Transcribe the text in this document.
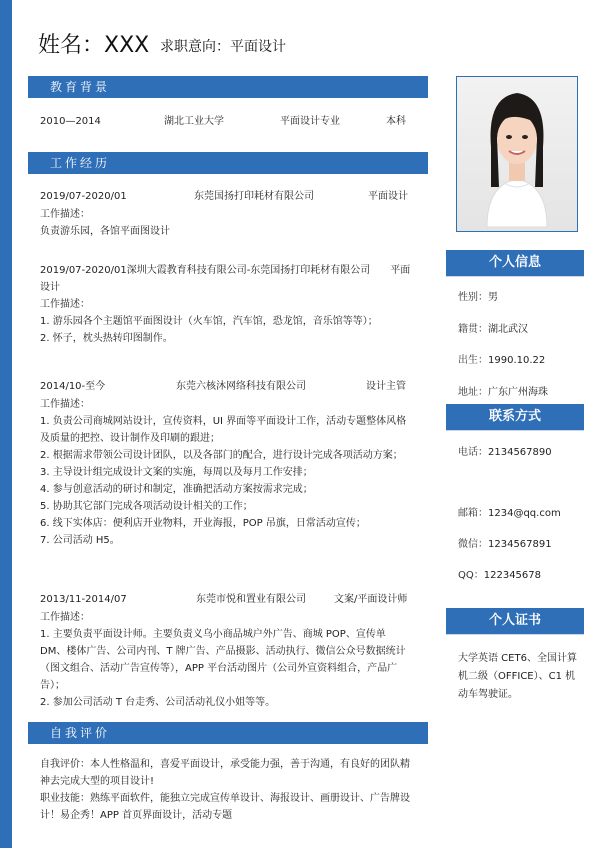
姓名：XXX 求职意向：平面设计
教育背景
2010—2014	湖北工业大学	平面设计专业	本科
工作经历
2019/07-2020/01	东莞国扬打印耗材有限公司	平面设计
工作描述：
负责游乐园，各馆平面图设计
2019/07-2020/01深圳大霞教育科技有限公司-东莞国扬打印耗材有限公司　　平面设计
工作描述：
1. 游乐园各个主题馆平面图设计（火车馆，汽车馆，恐龙馆，音乐馆等等）；
2. 怀子，枕头热转印图制作。
2014/10-至今	东莞六核沐网络科技有限公司	设计主管
工作描述：
1. 负责公司商城网站设计，宣传资料，UI 界面等平面设计工作，活动专题整体风格及质量的把控、设计制作及印刷的跟进；
2. 根据需求带领公司设计团队，以及各部门的配合，进行设计完成各项活动方案；
3. 主导设计组完成设计文案的实施，每周以及每月工作安排；
4. 参与创意活动的研讨和制定，准确把活动方案按需求完成；
5. 协助其它部门完成各项活动设计相关的工作；
6. 线下实体店：便利店开业物料，开业海报，POP 吊旗，日常活动宣传；
7. 公司活动 H5。
2013/11-2014/07	东莞市悦和置业有限公司	文案/平面设计师
工作描述：
1. 主要负责平面设计师。主要负责义乌小商品城户外广告、商城 POP、宣传单 DM、楼体广告、公司内刊、T 牌广告、产品摄影、活动执行、微信公众号数据统计（图文组合、活动广告宣传等），APP 平台活动图片（公司外宣资料组合，产品广告）；
2. 参加公司活动 T 台走秀、公司活动礼仪小姐等等。
自我评价
自我评价：本人性格温和，喜爱平面设计，承受能力强，善于沟通，有良好的团队精神去完成大型的项目设计!
职业技能：熟练平面软件，能独立完成宣传单设计、海报设计、画册设计、广告牌设计！易企秀！APP 首页界面设计，活动专题
个人信息
性别：男
籍贯：湖北武汉
出生：1990.10.22
地址：广东广州海珠
联系方式
电话：2134567890
邮箱：1234@qq.com
微信：1234567891
QQ：122345678
个人证书
大学英语 CET6、全国计算机二级（OFFICE）、C1 机动车驾驶证。
